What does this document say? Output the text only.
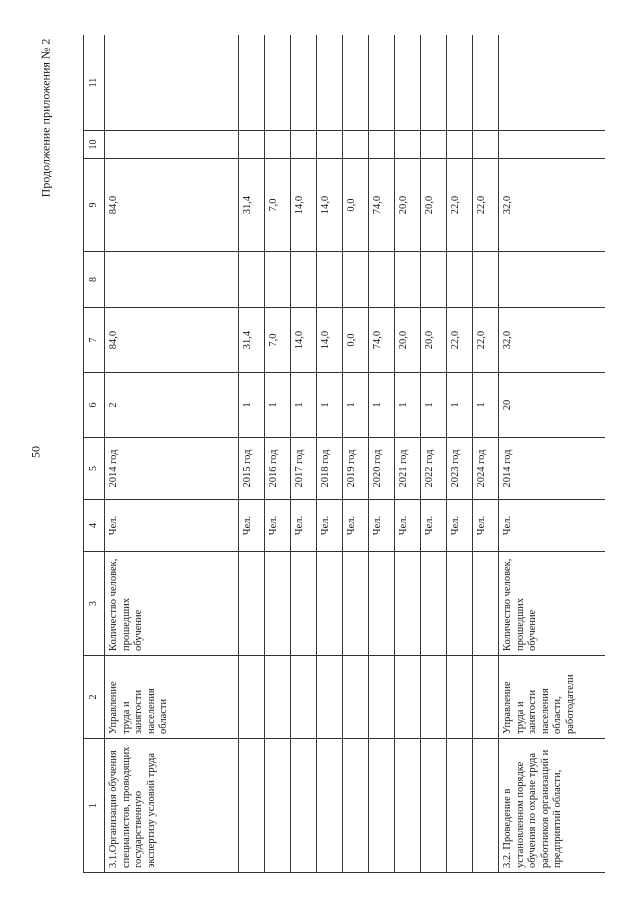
50
Продолжение приложения № 2
1	2	3	4	5	6	7	8	9	10	11
3.1.Организация обучения специалистов, проводящих государственную экспертизу условий труда	Управление труда и занятости населения области	Количество человек, прошедших обучение	Чел.	2014 год	2	84,0		84,0		
			Чел.	2015 год	1	31,4		31,4		
			Чел.	2016 год	1	7,0		7,0		
			Чел.	2017 год	1	14,0		14,0		
			Чел.	2018 год	1	14,0		14,0		
			Чел.	2019 год	1	0,0		0,0		
			Чел.	2020 год	1	74,0		74,0		
			Чел.	2021 год	1	20,0		20,0		
			Чел.	2022 год	1	20,0		20,0		
			Чел.	2023 год	1	22,0		22,0		
			Чел.	2024 год	1	22,0		22,0		
3.2. Проведение в установленном порядке обучения по охране труда работников организаций и предприятий области,	Управление труда и занятости населения области, работодатели	Количество человек, прошедших обучение	Чел.	2014 год	20	32,0		32,0		
